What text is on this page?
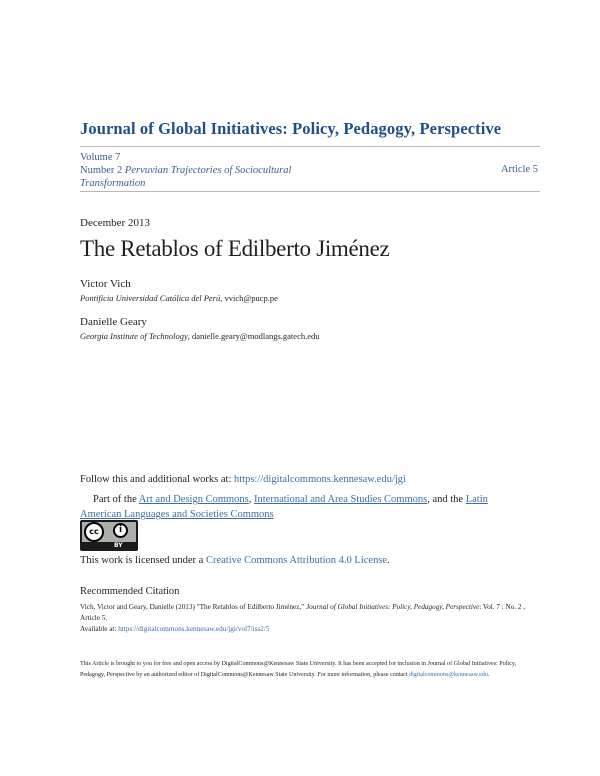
Journal of Global Initiatives: Policy, Pedagogy, Perspective
Volume 7
Number 2 Pervuvian Trajectories of Sociocultural
Transformation
Article 5
December 2013
The Retablos of Edilberto Jiménez
Victor Vich
Pontificia Universidad Católica del Perú, vvich@pucp.pe
Danielle Geary
Georgia Institute of Technology, danielle.geary@modlangs.gatech.edu
Follow this and additional works at: https://digitalcommons.kennesaw.edu/jgi
Part of the Art and Design Commons, International and Area Studies Commons, and the Latin American Languages and Societies Commons
cc	i
BY
This work is licensed under a Creative Commons Attribution 4.0 License.
Recommended Citation
Vich, Victor and Geary, Danielle (2013) "The Retablos of Edilberto Jiménez," Journal of Global Initiatives: Policy, Pedagogy, Perspective: Vol. 7 : No. 2 , Article 5.
Available at: https://digitalcommons.kennesaw.edu/jgi/vol7/iss2/5
This Article is brought to you for free and open access by DigitalCommons@Kennesaw State University. It has been accepted for inclusion in Journal of Global Initiatives: Policy, Pedagogy, Perspective by an authorized editor of DigitalCommons@Kennesaw State University. For more information, please contact digitalcommons@kennesaw.edu.
